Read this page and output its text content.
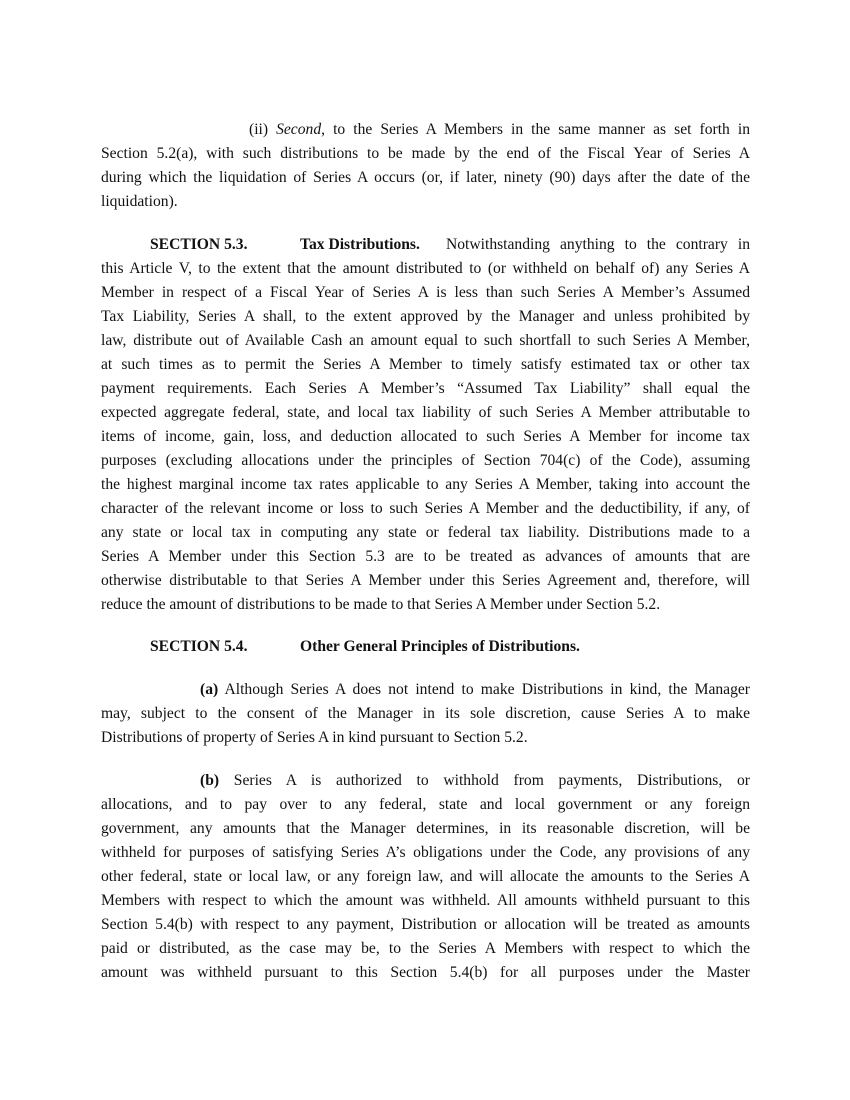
(ii) Second, to the Series A Members in the same manner as set forth in
Section 5.2(a), with such distributions to be made by the end of the Fiscal Year of Series A
during which the liquidation of Series A occurs (or, if later, ninety (90) days after the date of the
liquidation).
SECTION 5.3.	Tax Distributions. Notwithstanding anything to the contrary in
this Article V, to the extent that the amount distributed to (or withheld on behalf of) any Series A
Member in respect of a Fiscal Year of Series A is less than such Series A Member’s Assumed
Tax Liability, Series A shall, to the extent approved by the Manager and unless prohibited by
law, distribute out of Available Cash an amount equal to such shortfall to such Series A Member,
at such times as to permit the Series A Member to timely satisfy estimated tax or other tax
payment requirements. Each Series A Member’s “Assumed Tax Liability” shall equal the
expected aggregate federal, state, and local tax liability of such Series A Member attributable to
items of income, gain, loss, and deduction allocated to such Series A Member for income tax
purposes (excluding allocations under the principles of Section 704(c) of the Code), assuming
the highest marginal income tax rates applicable to any Series A Member, taking into account the
character of the relevant income or loss to such Series A Member and the deductibility, if any, of
any state or local tax in computing any state or federal tax liability. Distributions made to a
Series A Member under this Section 5.3 are to be treated as advances of amounts that are
otherwise distributable to that Series A Member under this Series Agreement and, therefore, will
reduce the amount of distributions to be made to that Series A Member under Section 5.2.
SECTION 5.4.	Other General Principles of Distributions.
(a) Although Series A does not intend to make Distributions in kind, the Manager
may, subject to the consent of the Manager in its sole discretion, cause Series A to make
Distributions of property of Series A in kind pursuant to Section 5.2.
(b) Series A is authorized to withhold from payments, Distributions, or
allocations, and to pay over to any federal, state and local government or any foreign
government, any amounts that the Manager determines, in its reasonable discretion, will be
withheld for purposes of satisfying Series A’s obligations under the Code, any provisions of any
other federal, state or local law, or any foreign law, and will allocate the amounts to the Series A
Members with respect to which the amount was withheld. All amounts withheld pursuant to this
Section 5.4(b) with respect to any payment, Distribution or allocation will be treated as amounts
paid or distributed, as the case may be, to the Series A Members with respect to which the
amount was withheld pursuant to this Section 5.4(b) for all purposes under the Master
